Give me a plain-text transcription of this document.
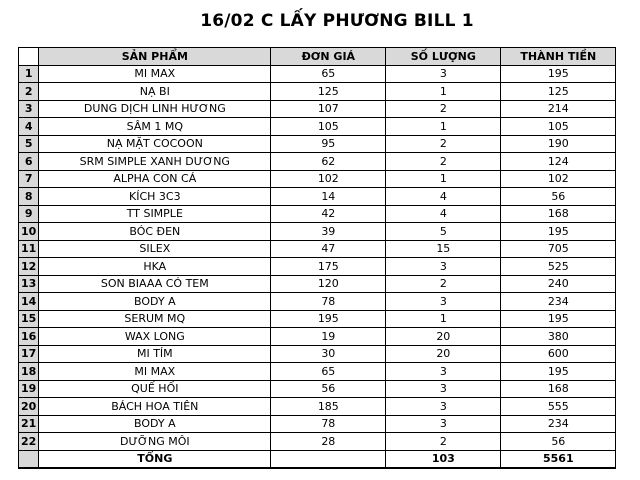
16/02 C LẤY PHƯƠNG BILL 1
	SẢN PHẨM	ĐƠN GIÁ	SỐ LƯỢNG	THÀNH TIỀN
1	MI MAX	65	3	195
2	NẠ BI	125	1	125
3	DUNG DỊCH LINH HƯƠNG	107	2	214
4	SÂM 1 MQ	105	1	105
5	NẠ MẶT COCOON	95	2	190
6	SRM SIMPLE XANH DƯƠNG	62	2	124
7	ALPHA CON CÁ	102	1	102
8	KÍCH 3C3	14	4	56
9	TT SIMPLE	42	4	168
10	BÓC ĐEN	39	5	195
11	SILEX	47	15	705
12	HKA	175	3	525
13	SON BIAAA CÓ TEM	120	2	240
14	BODY A	78	3	234
15	SERUM MQ	195	1	195
16	WAX LONG	19	20	380
17	MI TÍM	30	20	600
18	MI MAX	65	3	195
19	QUẾ HỐI	56	3	168
20	BÁCH HOA TIÊN	185	3	555
21	BODY A	78	3	234
22	DƯỠNG MÔI	28	2	56
	TỔNG		103	5561
